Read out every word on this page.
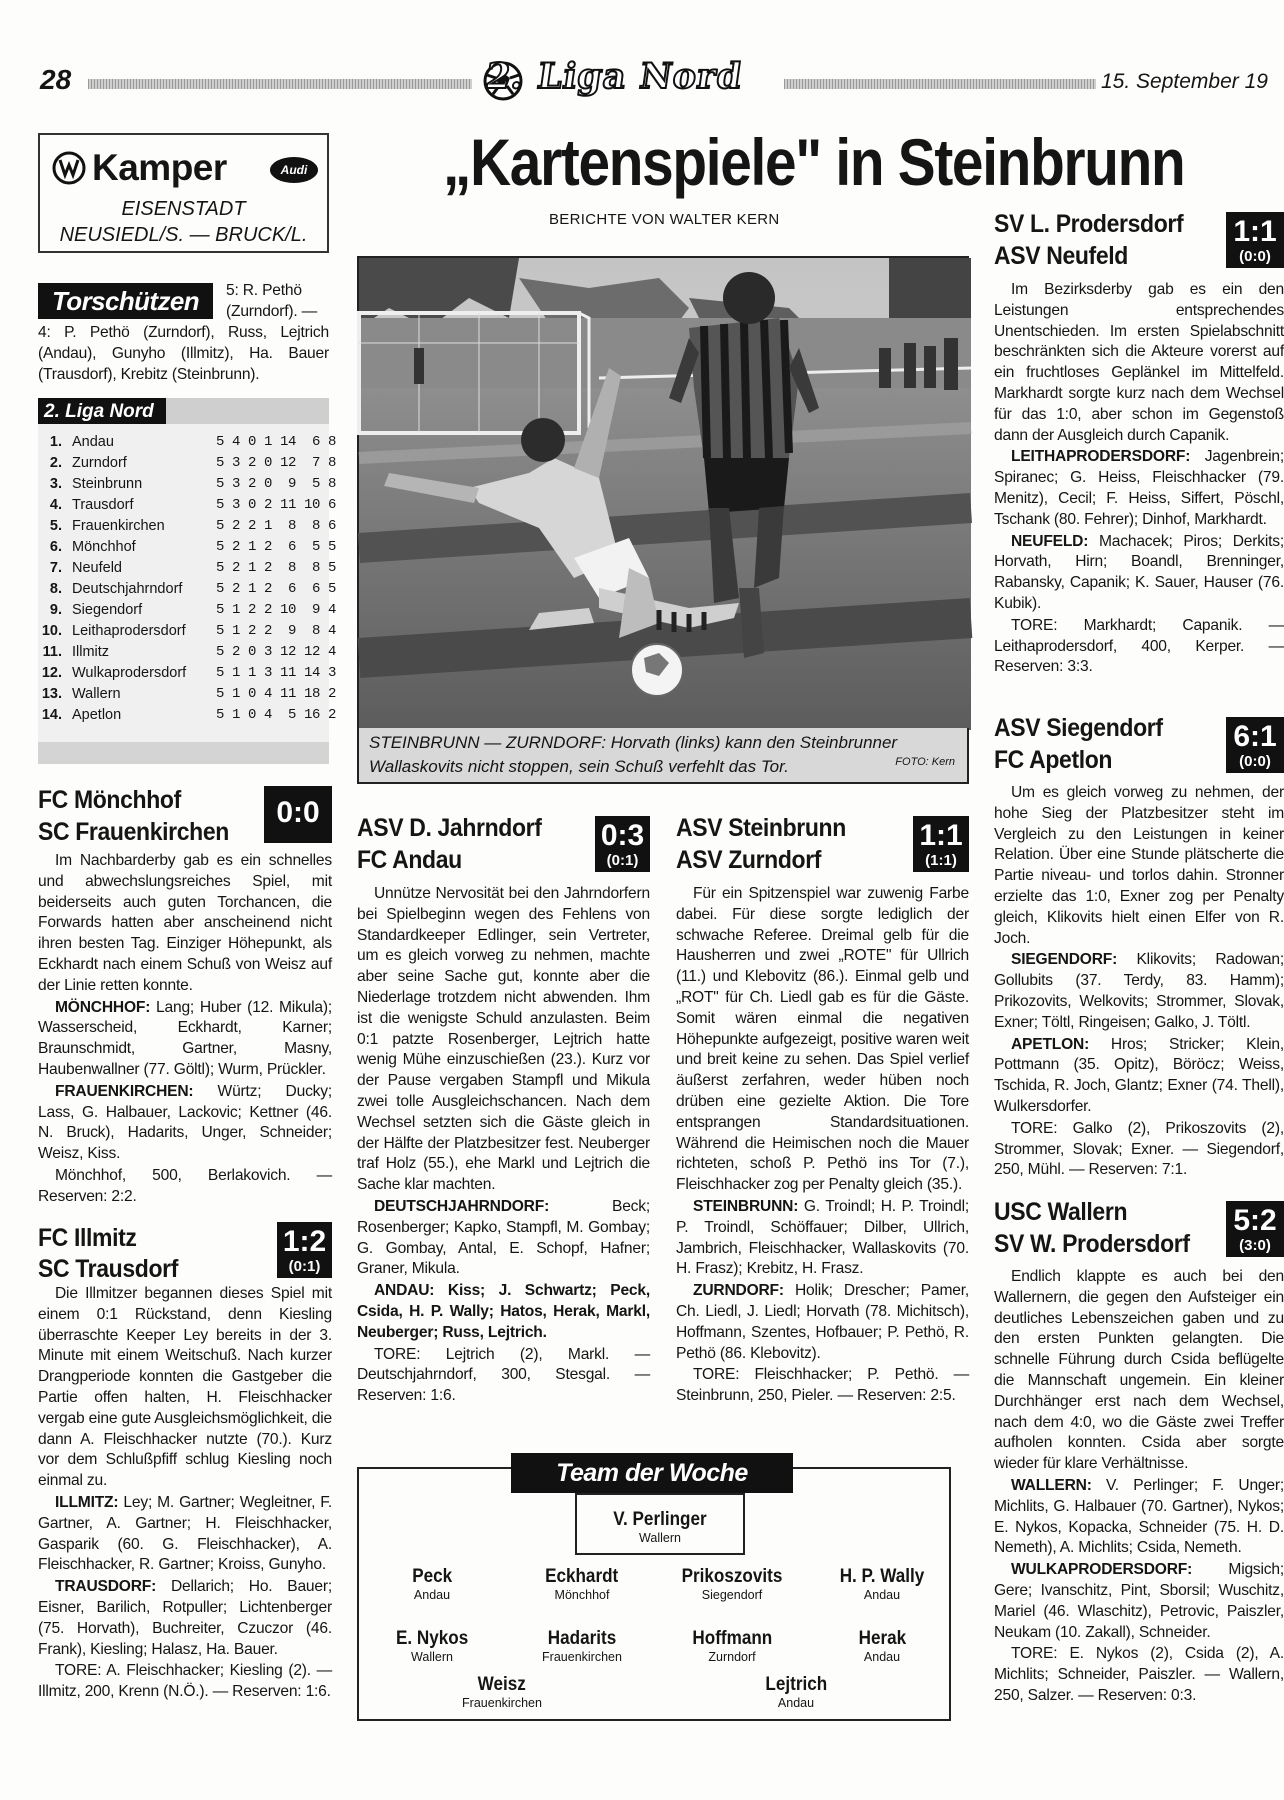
28	2. Liga Nord	15. September 19
Kamper	Audi
EISENSTADT
NEUSIEDL/S. — BRUCK/L.
Torschützen	5: R. Pethö
(Zurndorf). —
4: P. Pethö (Zurndorf), Russ, Lejtrich (Andau), Gunyho (Illmitz), Ha. Bauer (Trausdorf), Krebitz (Steinbrunn).
2. Liga Nord
1. Andau	5 4 0 1 14  6 8
2. Zurndorf	5 3 2 0 12  7 8
3. Steinbrunn	5 3 2 0  9  5 8
4. Trausdorf	5 3 0 2 11 10 6
5. Frauenkirchen	5 2 2 1  8  8 6
6. Mönchhof	5 2 1 2  6  5 5
7. Neufeld	5 2 1 2  8  8 5
8. Deutschjahrndorf 5 2 1 2  6  6 5
9. Siegendorf	5 1 2 2 10  9 4
10. Leithaprodersdorf 5 1 2 2  9  8 4
11. Illmitz	5 2 0 3 12 12 4
12. Wulkaprodersdorf 5 1 1 3 11 14 3
13. Wallern	5 1 0 4 11 18 2
14. Apetlon	5 1 0 4  5 16 2
„Kartenspiele" in Steinbrunn
BERICHTE VON WALTER KERN
STEINBRUNN — ZURNDORF: Horvath (links) kann den Steinbrunner
Wallaskovits nicht stoppen, sein Schuß verfehlt das Tor.	FOTO: Kern
FC Mönchhof
SC Frauenkirchen
0:0

Im Nachbarderby gab es ein schnelles und abwechslungsreiches Spiel, mit beiderseits auch guten Torchancen, die Forwards hatten aber anscheinend nicht ihren besten Tag. Einziger Höhepunkt, als Eckhardt nach einem Schuß von Weisz auf der Linie retten konnte.

MÖNCHHOF: Lang; Huber (12. Mikula); Wasserscheid, Eckhardt, Karner; Braunschmidt, Gartner, Masny, Haubenwallner (77. Göltl); Wurm, Prückler.

FRAUENKIRCHEN: Würtz; Ducky; Lass, G. Halbauer, Lackovic; Kettner (46. N. Bruck), Hadarits, Unger, Schneider; Weisz, Kiss.

Mönchhof, 500, Berlakovich. — Reserven: 2:2.

FC Illmitz
SC Trausdorf
1:2
(0:1)

Die Illmitzer begannen dieses Spiel mit einem 0:1 Rückstand, denn Kiesling überraschte Keeper Ley bereits in der 3. Minute mit einem Weitschuß. Nach kurzer Drangperiode konnten die Gastgeber die Partie offen halten, H. Fleischhacker vergab eine gute Ausgleichsmöglichkeit, die dann A. Fleischhacker nutzte (70.). Kurz vor dem Schlußpfiff schlug Kiesling noch einmal zu.

ILLMITZ: Ley; M. Gartner; Wegleitner, F. Gartner, A. Gartner; H. Fleischhacker, Gasparik (60. G. Fleischhacker), A. Fleischhacker, R. Gartner; Kroiss, Gunyho.

TRAUSDORF: Dellarich; Ho. Bauer; Eisner, Barilich, Rotpuller; Lichtenberger (75. Horvath), Buchreiter, Czuczor (46. Frank), Kiesling; Halasz, Ha. Bauer.

TORE: A. Fleischhacker; Kiesling (2). — Illmitz, 200, Krenn (N.Ö.). — Reserven: 1:6.

ASV D. Jahrndorf
FC Andau
0:3
(0:1)

Unnütze Nervosität bei den Jahrndorfern bei Spielbeginn wegen des Fehlens von Standardkeeper Edlinger, sein Vertreter, um es gleich vorweg zu nehmen, machte aber seine Sache gut, konnte aber die Niederlage trotzdem nicht abwenden. Ihm ist die wenigste Schuld anzulasten. Beim 0:1 patzte Rosenberger, Lejtrich hatte wenig Mühe einzuschießen (23.). Kurz vor der Pause vergaben Stampfl und Mikula zwei tolle Ausgleichschancen. Nach dem Wechsel setzten sich die Gäste gleich in der Hälfte der Platzbesitzer fest. Neuberger traf Holz (55.), ehe Markl und Lejtrich die Sache klar machten.

DEUTSCHJAHRNDORF:	Beck; Rosenberger; Kapko, Stampfl, M. Gombay; G. Gombay, Antal, E. Schopf, Hafner; Graner, Mikula.

ANDAU: Kiss; J. Schwartz; Peck, Csida, H. P. Wally; Hatos, Herak, Markl, Neuberger; Russ, Lejtrich.

TORE: Lejtrich (2), Markl. — Deutschjahrndorf, 300, Stesgal. — Reserven: 1:6.

ASV Steinbrunn
ASV Zurndorf
1:1
(1:1)

Für ein Spitzenspiel war zuwenig Farbe dabei. Für diese sorgte lediglich der schwache Referee. Dreimal gelb für die Hausherren und zwei „ROTE" für Ullrich (11.) und Klebovitz (86.). Einmal gelb und „ROT" für Ch. Liedl gab es für die Gäste. Somit wären einmal die negativen Höhepunkte aufgezeigt, positive waren weit und breit keine zu sehen. Das Spiel verlief äußerst zerfahren, weder hüben noch drüben eine gezielte Aktion. Die Tore entsprangen Standardsituationen. Während die Heimischen noch die Mauer richteten, schoß P. Pethö ins Tor (7.), Fleischhacker zog per Penalty gleich (35.).

STEINBRUNN: G. Troindl; H. P. Troindl; P. Troindl, Schöffauer; Dilber, Ullrich, Jambrich, Fleischhacker, Wallaskovits (70. H. Frasz); Krebitz, H. Frasz.

ZURNDORF: Holik; Drescher; Pamer, Ch. Liedl, J. Liedl; Horvath (78. Michitsch), Hoffmann, Szentes, Hofbauer; P. Pethö, R. Pethö (86. Klebovitz).

TORE: Fleischhacker; P. Pethö. — Steinbrunn, 250, Pieler. — Reserven: 2:5.

Team der Woche
V. Perlinger
Wallern
Peck
Andau
Eckhardt
Mönchhof
Prikoszovits
Siegendorf
H. P. Wally
Andau
E. Nykos
Wallern
Hadarits
Frauenkirchen
Hoffmann
Zurndorf
Herak
Andau
Weisz
Frauenkirchen
Lejtrich
Andau
SV L. Prodersdorf
ASV Neufeld
1:1
(0:0)

Im Bezirksderby gab es ein den Leistungen entsprechendes Unentschieden. Im ersten Spielabschnitt beschränkten sich die Akteure vorerst auf ein fruchtloses Geplänkel im Mittelfeld. Markhardt sorgte kurz nach dem Wechsel für das 1:0, aber schon im Gegenstoß dann der Ausgleich durch Capanik.

LEITHAPRODERSDORF: Jagenbrein; Spiranec; G. Heiss, Fleischhacker (79. Menitz), Cecil; F. Heiss, Siffert, Pöschl, Tschank (80. Fehrer); Dinhof, Markhardt.

NEUFELD: Machacek; Piros; Derkits; Horvath, Hirn; Boandl, Brenninger, Rabansky, Capanik; K. Sauer, Hauser (76. Kubik).

TORE: Markhardt; Capanik. — Leithaprodersdorf, 400, Kerper. — Reserven: 3:3.

ASV Siegendorf
FC Apetlon
6:1
(0:0)

Um es gleich vorweg zu nehmen, der hohe Sieg der Platzbesitzer steht im Vergleich zu den Leistungen in keiner Relation. Über eine Stunde plätscherte die Partie niveau- und torlos dahin. Stronner erzielte das 1:0, Exner zog per Penalty gleich, Klikovits hielt einen Elfer von R. Joch.

SIEGENDORF: Klikovits; Radowan; Gollubits (37. Terdy, 83. Hamm); Prikozovits, Welkovits; Strommer, Slovak, Exner; Töltl, Ringeisen; Galko, J. Töltl.

APETLON: Hros; Stricker; Klein, Pottmann (35. Opitz), Böröcz; Weiss, Tschida, R. Joch, Glantz; Exner (74. Thell), Wulkersdorfer.

TORE: Galko (2), Prikoszovits (2), Strommer, Slovak; Exner. — Siegendorf, 250, Mühl. — Reserven: 7:1.

USC Wallern
SV W. Prodersdorf
5:2
(3:0)

Endlich klappte es auch bei den Wallernern, die gegen den Aufsteiger ein deutliches Lebenszeichen gaben und zu den ersten Punkten gelangten. Die schnelle Führung durch Csida beflügelte die Mannschaft ungemein. Ein kleiner Durchhänger erst nach dem Wechsel, nach dem 4:0, wo die Gäste zwei Treffer aufholen konnten. Csida aber sorgte wieder für klare Verhältnisse.

WALLERN: V. Perlinger; F. Unger; Michlits, G. Halbauer (70. Gartner), Nykos; E. Nykos, Kopacka, Schneider (75. H. D. Nemeth), A. Michlits; Csida, Nemeth.

WULKAPRODERSDORF: Migsich; Gere; Ivanschitz, Pint, Sborsil; Wuschitz, Mariel (46. Wlaschitz), Petrovic, Paiszler, Neukam (10. Zakall), Schneider.

TORE: E. Nykos (2), Csida (2), A. Michlits; Schneider, Paiszler. — Wallern, 250, Salzer. — Reserven: 0:3.
